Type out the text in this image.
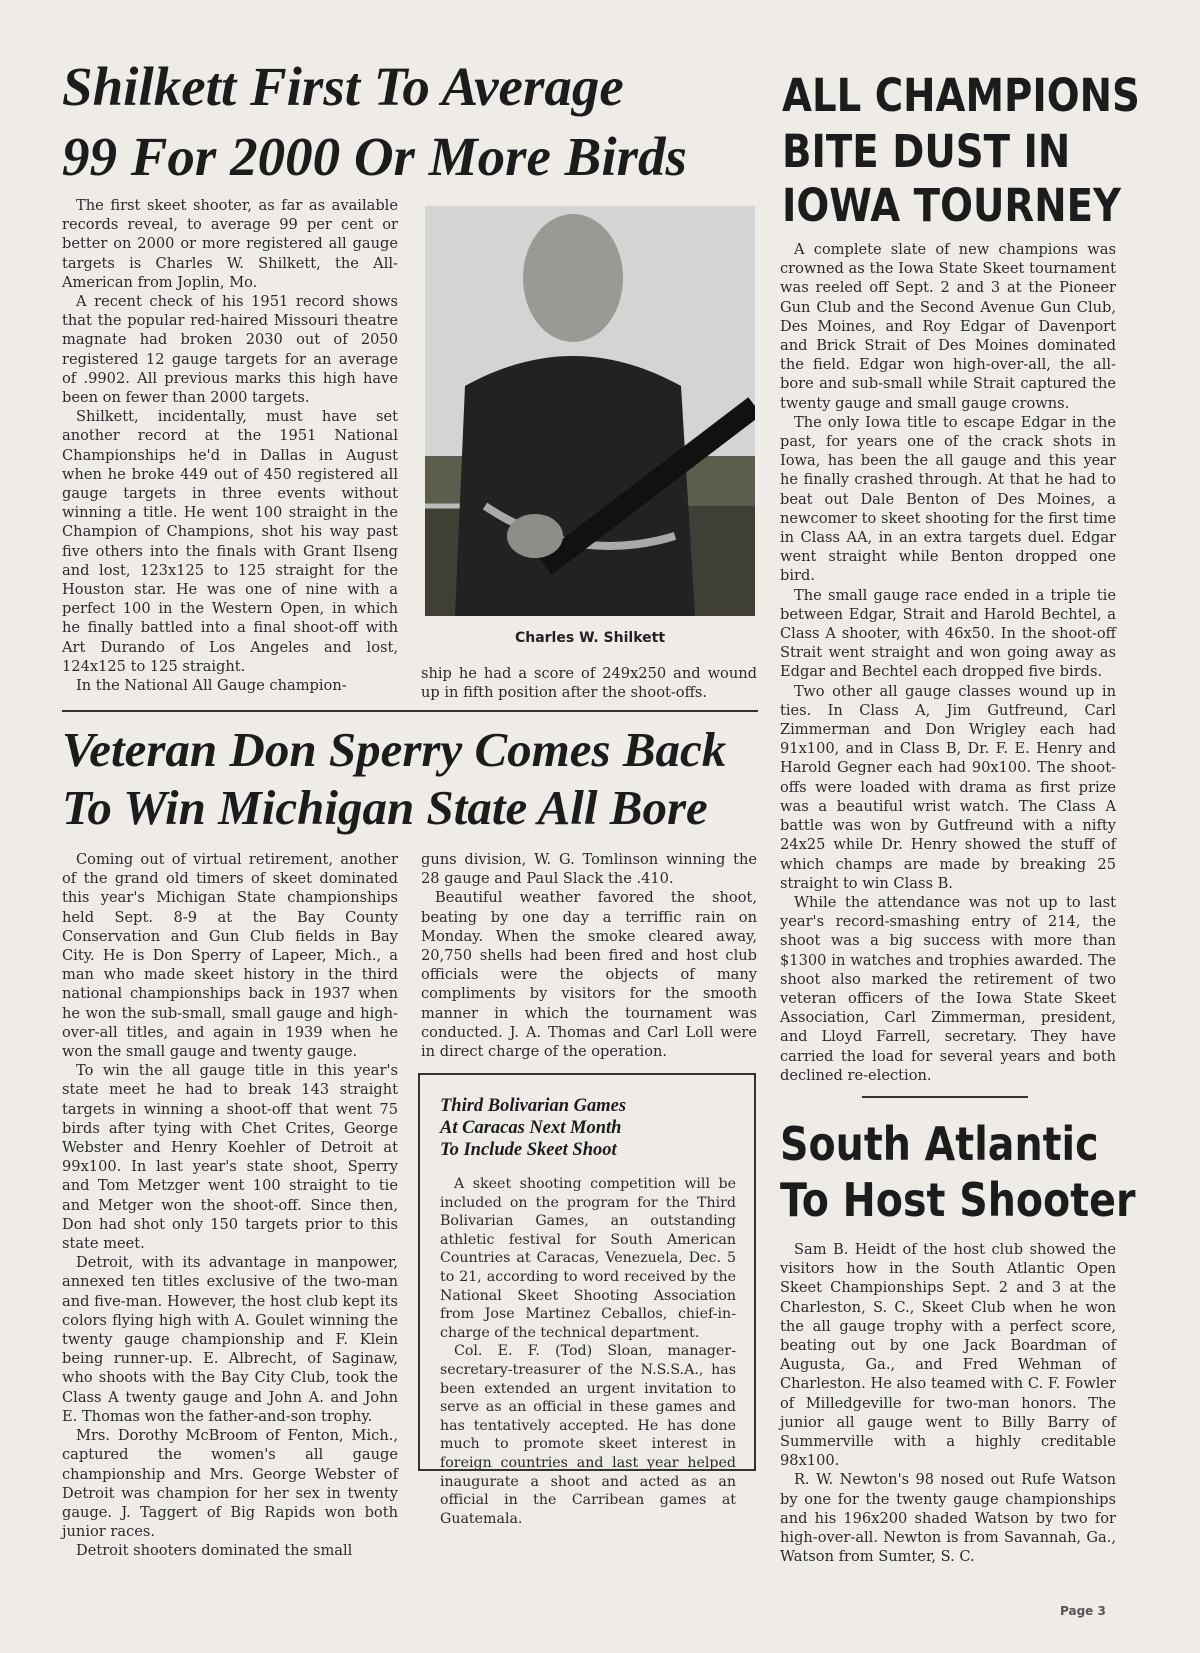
Shilkett First To Average
99 For 2000 Or More Birds

The first skeet shooter, as far as available records reveal, to average 99 per cent or better on 2000 or more registered all gauge targets is Charles W. Shilkett, the All-American from Joplin, Mo.

A recent check of his 1951 record shows that the popular red-haired Missouri theatre magnate had broken 2030 out of 2050 registered 12 gauge targets for an average of .9902. All previous marks this high have been on fewer than 2000 targets.

Shilkett, incidentally, must have set another record at the 1951 National Championships he'd in Dallas in August when he broke 449 out of 450 registered all gauge targets in three events without winning a title. He went 100 straight in the Champion of Champions, shot his way past five others into the finals with Grant Ilseng and lost, 123x125 to 125 straight for the Houston star. He was one of nine with a perfect 100 in the Western Open, in which he finally battled into a final shoot-off with Art Durando of Los Angeles and lost, 124x125 to 125 straight.

In the National All Gauge champion-

Charles W. Shilkett

ship he had a score of 249x250 and wound up in fifth position after the shoot-offs.

Veteran Don Sperry Comes Back
To Win Michigan State All Bore

Coming out of virtual retirement, another of the grand old timers of skeet dominated this year's Michigan State championships held Sept. 8-9 at the Bay County Conservation and Gun Club fields in Bay City. He is Don Sperry of Lapeer, Mich., a man who made skeet history in the third national championships back in 1937 when he won the sub-small, small gauge and high-over-all titles, and again in 1939 when he won the small gauge and twenty gauge.

To win the all gauge title in this year's state meet he had to break 143 straight targets in winning a shoot-off that went 75 birds after tying with Chet Crites, George Webster and Henry Koehler of Detroit at 99x100. In last year's state shoot, Sperry and Tom Metzger went 100 straight to tie and Metger won the shoot-off. Since then, Don had shot only 150 targets prior to this state meet.

Detroit, with its advantage in manpower, annexed ten titles exclusive of the two-man and five-man. However, the host club kept its colors flying high with A. Goulet winning the twenty gauge championship and F. Klein being runner-up. E. Albrecht, of Saginaw, who shoots with the Bay City Club, took the Class A twenty gauge and John A. and John E. Thomas won the father-and-son trophy.

Mrs. Dorothy McBroom of Fenton, Mich., captured the women's all gauge championship and Mrs. George Webster of Detroit was champion for her sex in twenty gauge. J. Taggert of Big Rapids won both junior races.

Detroit shooters dominated the small

guns division, W. G. Tomlinson winning the 28 gauge and Paul Slack the .410.

Beautiful weather favored the shoot, beating by one day a terriffic rain on Monday. When the smoke cleared away, 20,750 shells had been fired and host club officials were the objects of many compliments by visitors for the smooth manner in which the tournament was conducted. J. A. Thomas and Carl Loll were in direct charge of the operation.

Third Bolivarian Games
At Caracas Next Month
To Include Skeet Shoot

A skeet shooting competition will be included on the program for the Third Bolivarian Games, an outstanding athletic festival for South American Countries at Caracas, Venezuela, Dec. 5 to 21, according to word received by the National Skeet Shooting Association from Jose Martinez Ceballos, chief-in-charge of the technical department.

Col. E. F. (Tod) Sloan, manager-secretary-treasurer of the N.S.S.A., has been extended an urgent invitation to serve as an official in these games and has tentatively accepted. He has done much to promote skeet interest in foreign countries and last year helped inaugurate a shoot and acted as an official in the Carribean games at Guatemala.

ALL CHAMPIONS
BITE DUST IN
IOWA TOURNEY

A complete slate of new champions was crowned as the Iowa State Skeet tournament was reeled off Sept. 2 and 3 at the Pioneer Gun Club and the Second Avenue Gun Club, Des Moines, and Roy Edgar of Davenport and Brick Strait of Des Moines dominated the field. Edgar won high-over-all, the all-bore and sub-small while Strait captured the twenty gauge and small gauge crowns.

The only Iowa title to escape Edgar in the past, for years one of the crack shots in Iowa, has been the all gauge and this year he finally crashed through. At that he had to beat out Dale Benton of Des Moines, a newcomer to skeet shooting for the first time in Class AA, in an extra targets duel. Edgar went straight while Benton dropped one bird.

The small gauge race ended in a triple tie between Edgar, Strait and Harold Bechtel, a Class A shooter, with 46x50. In the shoot-off Strait went straight and won going away as Edgar and Bechtel each dropped five birds.

Two other all gauge classes wound up in ties. In Class A, Jim Gutfreund, Carl Zimmerman and Don Wrigley each had 91x100, and in Class B, Dr. F. E. Henry and Harold Gegner each had 90x100. The shoot-offs were loaded with drama as first prize was a beautiful wrist watch. The Class A battle was won by Gutfreund with a nifty 24x25 while Dr. Henry showed the stuff of which champs are made by breaking 25 straight to win Class B.

While the attendance was not up to last year's record-smashing entry of 214, the shoot was a big success with more than $1300 in watches and trophies awarded. The shoot also marked the retirement of two veteran officers of the Iowa State Skeet Association, Carl Zimmerman, president, and Lloyd Farrell, secretary. They have carried the load for several years and both declined re-election.

South Atlantic
To Host Shooter

Sam B. Heidt of the host club showed the visitors how in the South Atlantic Open Skeet Championships Sept. 2 and 3 at the Charleston, S. C., Skeet Club when he won the all gauge trophy with a perfect score, beating out by one Jack Boardman of Augusta, Ga., and Fred Wehman of Charleston. He also teamed with C. F. Fowler of Milledgeville for two-man honors. The junior all gauge went to Billy Barry of Summerville with a highly creditable 98x100.

R. W. Newton's 98 nosed out Rufe Watson by one for the twenty gauge championships and his 196x200 shaded Watson by two for high-over-all. Newton is from Savannah, Ga., Watson from Sumter, S. C.

Page 3
